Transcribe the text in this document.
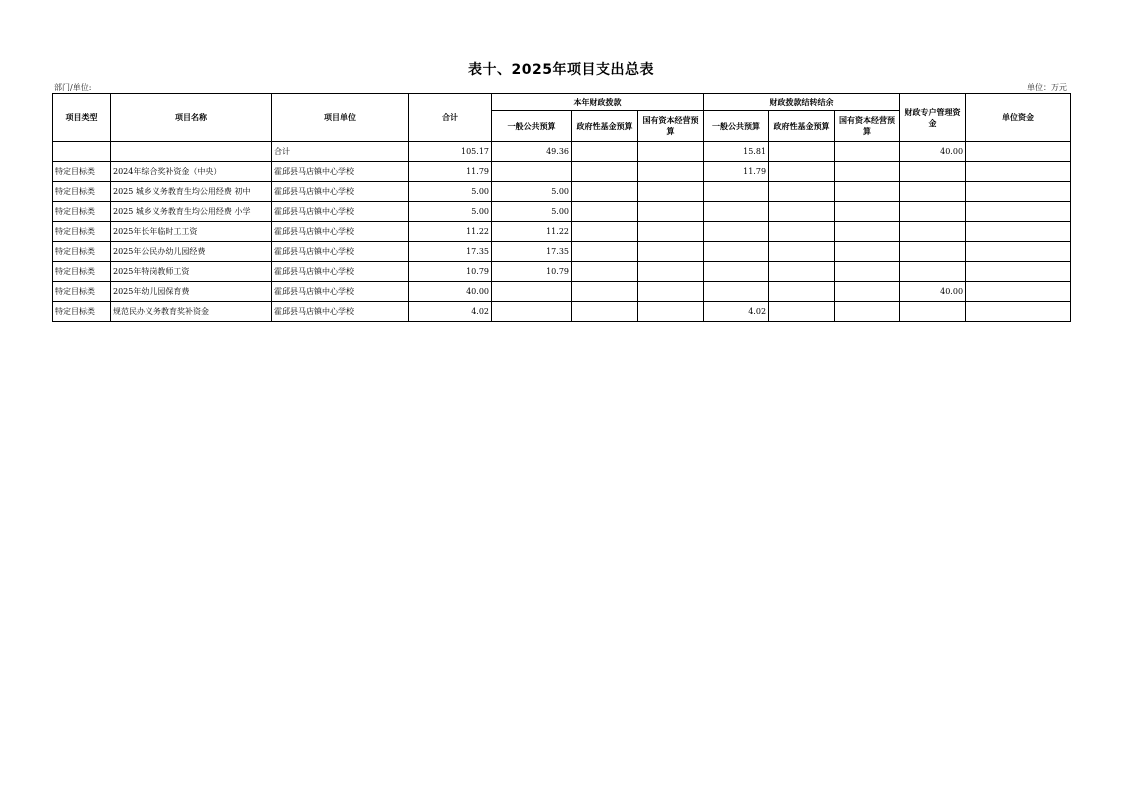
表十、2025年项目支出总表
部门/单位:	单位：万元
项目类型	项目名称	项目单位	合计	本年财政拨款			财政拨款结转结余			财政专户管理资金	单位资金
				一般公共预算	政府性基金预算	国有资本经营预算	一般公共预算	政府性基金预算	国有资本经营预算		
		合计	105.17	49.36			15.81			40.00	
特定目标类	2024年综合奖补资金（中央）	霍邱县马店镇中心学校	11.79				11.79				
特定目标类	2025 城乡义务教育生均公用经费 初中	霍邱县马店镇中心学校	5.00	5.00							
特定目标类	2025 城乡义务教育生均公用经费 小学	霍邱县马店镇中心学校	5.00	5.00							
特定目标类	2025年长年临时工工资	霍邱县马店镇中心学校	11.22	11.22							
特定目标类	2025年公民办幼儿园经费	霍邱县马店镇中心学校	17.35	17.35							
特定目标类	2025年特岗教师工资	霍邱县马店镇中心学校	10.79	10.79							
特定目标类	2025年幼儿园保育费	霍邱县马店镇中心学校	40.00							40.00	
特定目标类	规范民办义务教育奖补资金	霍邱县马店镇中心学校	4.02				4.02				
